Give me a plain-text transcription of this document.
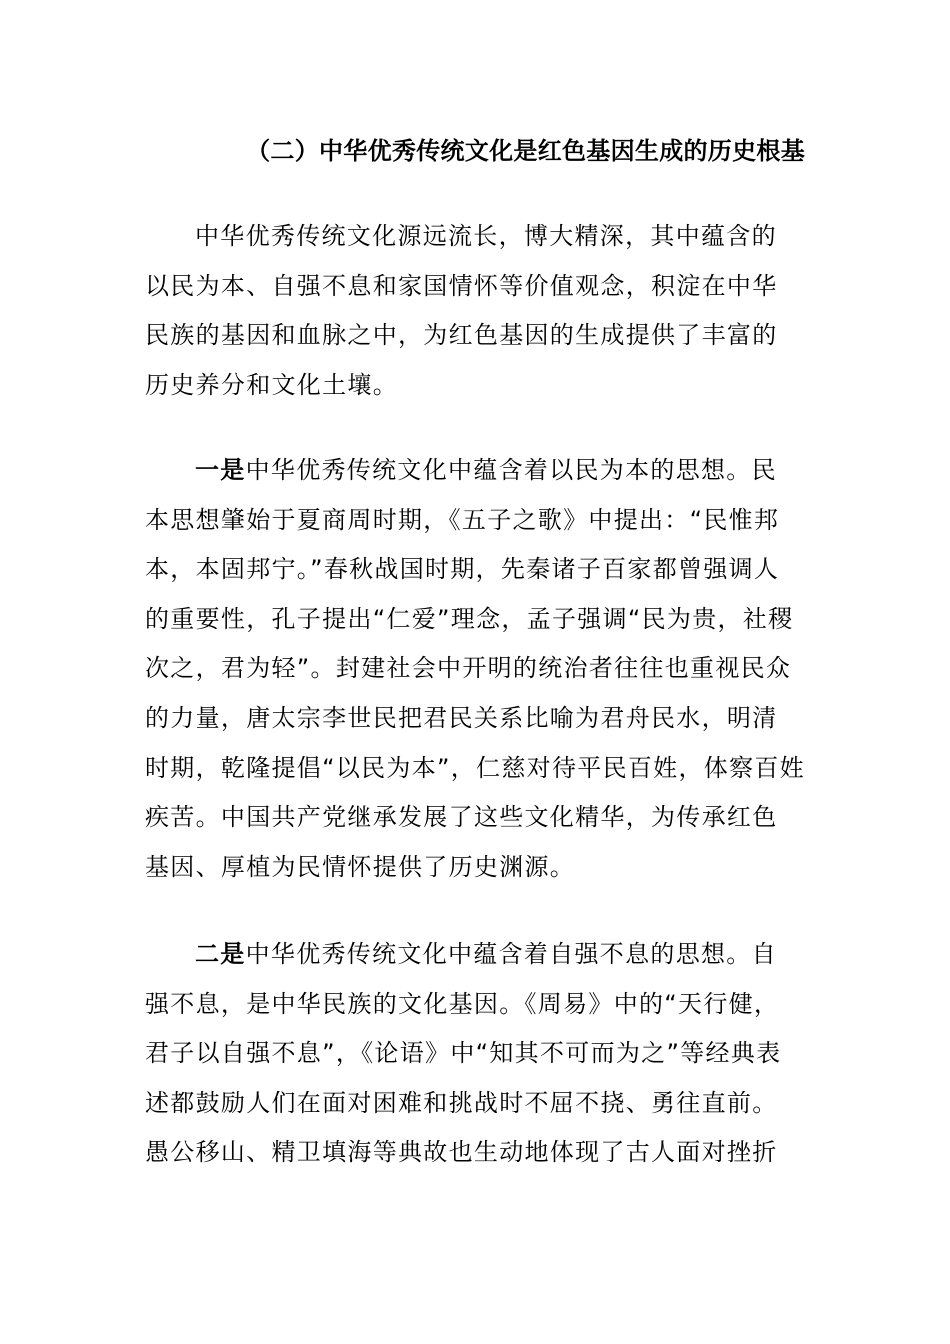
（二）中华优秀传统文化是红色基因生成的历史根基
中华优秀传统文化源远流长，博大精深，其中蕴含的
以民为本、自强不息和家国情怀等价值观念，积淀在中华
民族的基因和血脉之中，为红色基因的生成提供了丰富的
历史养分和文化土壤。
一是中华优秀传统文化中蕴含着以民为本的思想。民
本思想肇始于夏商周时期，《五子之歌》中提出：“民惟邦
本，本固邦宁。”春秋战国时期，先秦诸子百家都曾强调人
的重要性，孔子提出“仁爱”理念，孟子强调“民为贵，社稷
次之，君为轻”。封建社会中开明的统治者往往也重视民众
的力量，唐太宗李世民把君民关系比喻为君舟民水，明清
时期，乾隆提倡“以民为本”，仁慈对待平民百姓，体察百姓
疾苦。中国共产党继承发展了这些文化精华，为传承红色
基因、厚植为民情怀提供了历史渊源。
二是中华优秀传统文化中蕴含着自强不息的思想。自
强不息，是中华民族的文化基因。《周易》中的“天行健，
君子以自强不息”，《论语》中“知其不可而为之”等经典表
述都鼓励人们在面对困难和挑战时不屈不挠、勇往直前。
愚公移山、精卫填海等典故也生动地体现了古人面对挫折
